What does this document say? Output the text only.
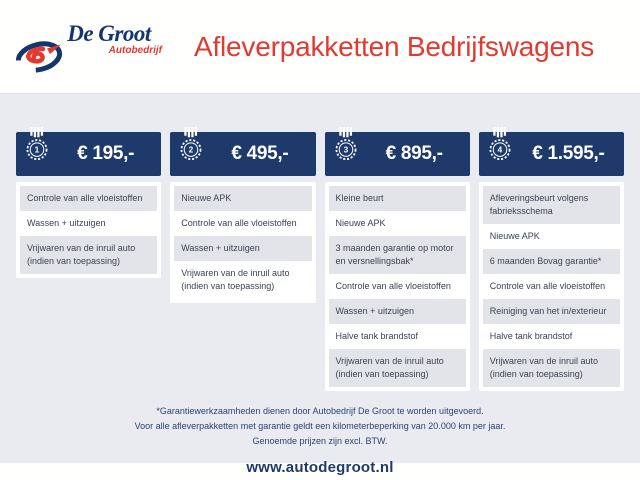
De Groot
Autobedrijf	Afleverpakketten Bedrijfswagens
1	€ 195,-
Controle van alle vloeistoffen
Wassen + uitzuigen
Vrijwaren van de inruil auto (indien van toepassing)
2	€ 495,-
Nieuwe APK
Controle van alle vloeistoffen
Wassen + uitzuigen
Vrijwaren van de inruil auto (indien van toepassing)
3	€ 895,-
Kleine beurt
Nieuwe APK
3 maanden garantie op motor en versnellingsbak*
Controle van alle vloeistoffen
Wassen + uitzuigen
Halve tank brandstof
Vrijwaren van de inruil auto (indien van toepassing)
4	€ 1.595,-
Afleveringsbeurt volgens fabrieksschema
Nieuwe APK
6 maanden Bovag garantie*
Controle van alle vloeistoffen
Reiniging van het in/exterieur
Halve tank brandstof
Vrijwaren van de inruil auto (indien van toepassing)
*Garantiewerkzaamheden dienen door Autobedrijf De Groot te worden uitgevoerd.
Voor alle afleverpakketten met garantie geldt een kilometerbeperking van 20.000 km per jaar.
Genoemde prijzen zijn excl. BTW.
www.autodegroot.nl
